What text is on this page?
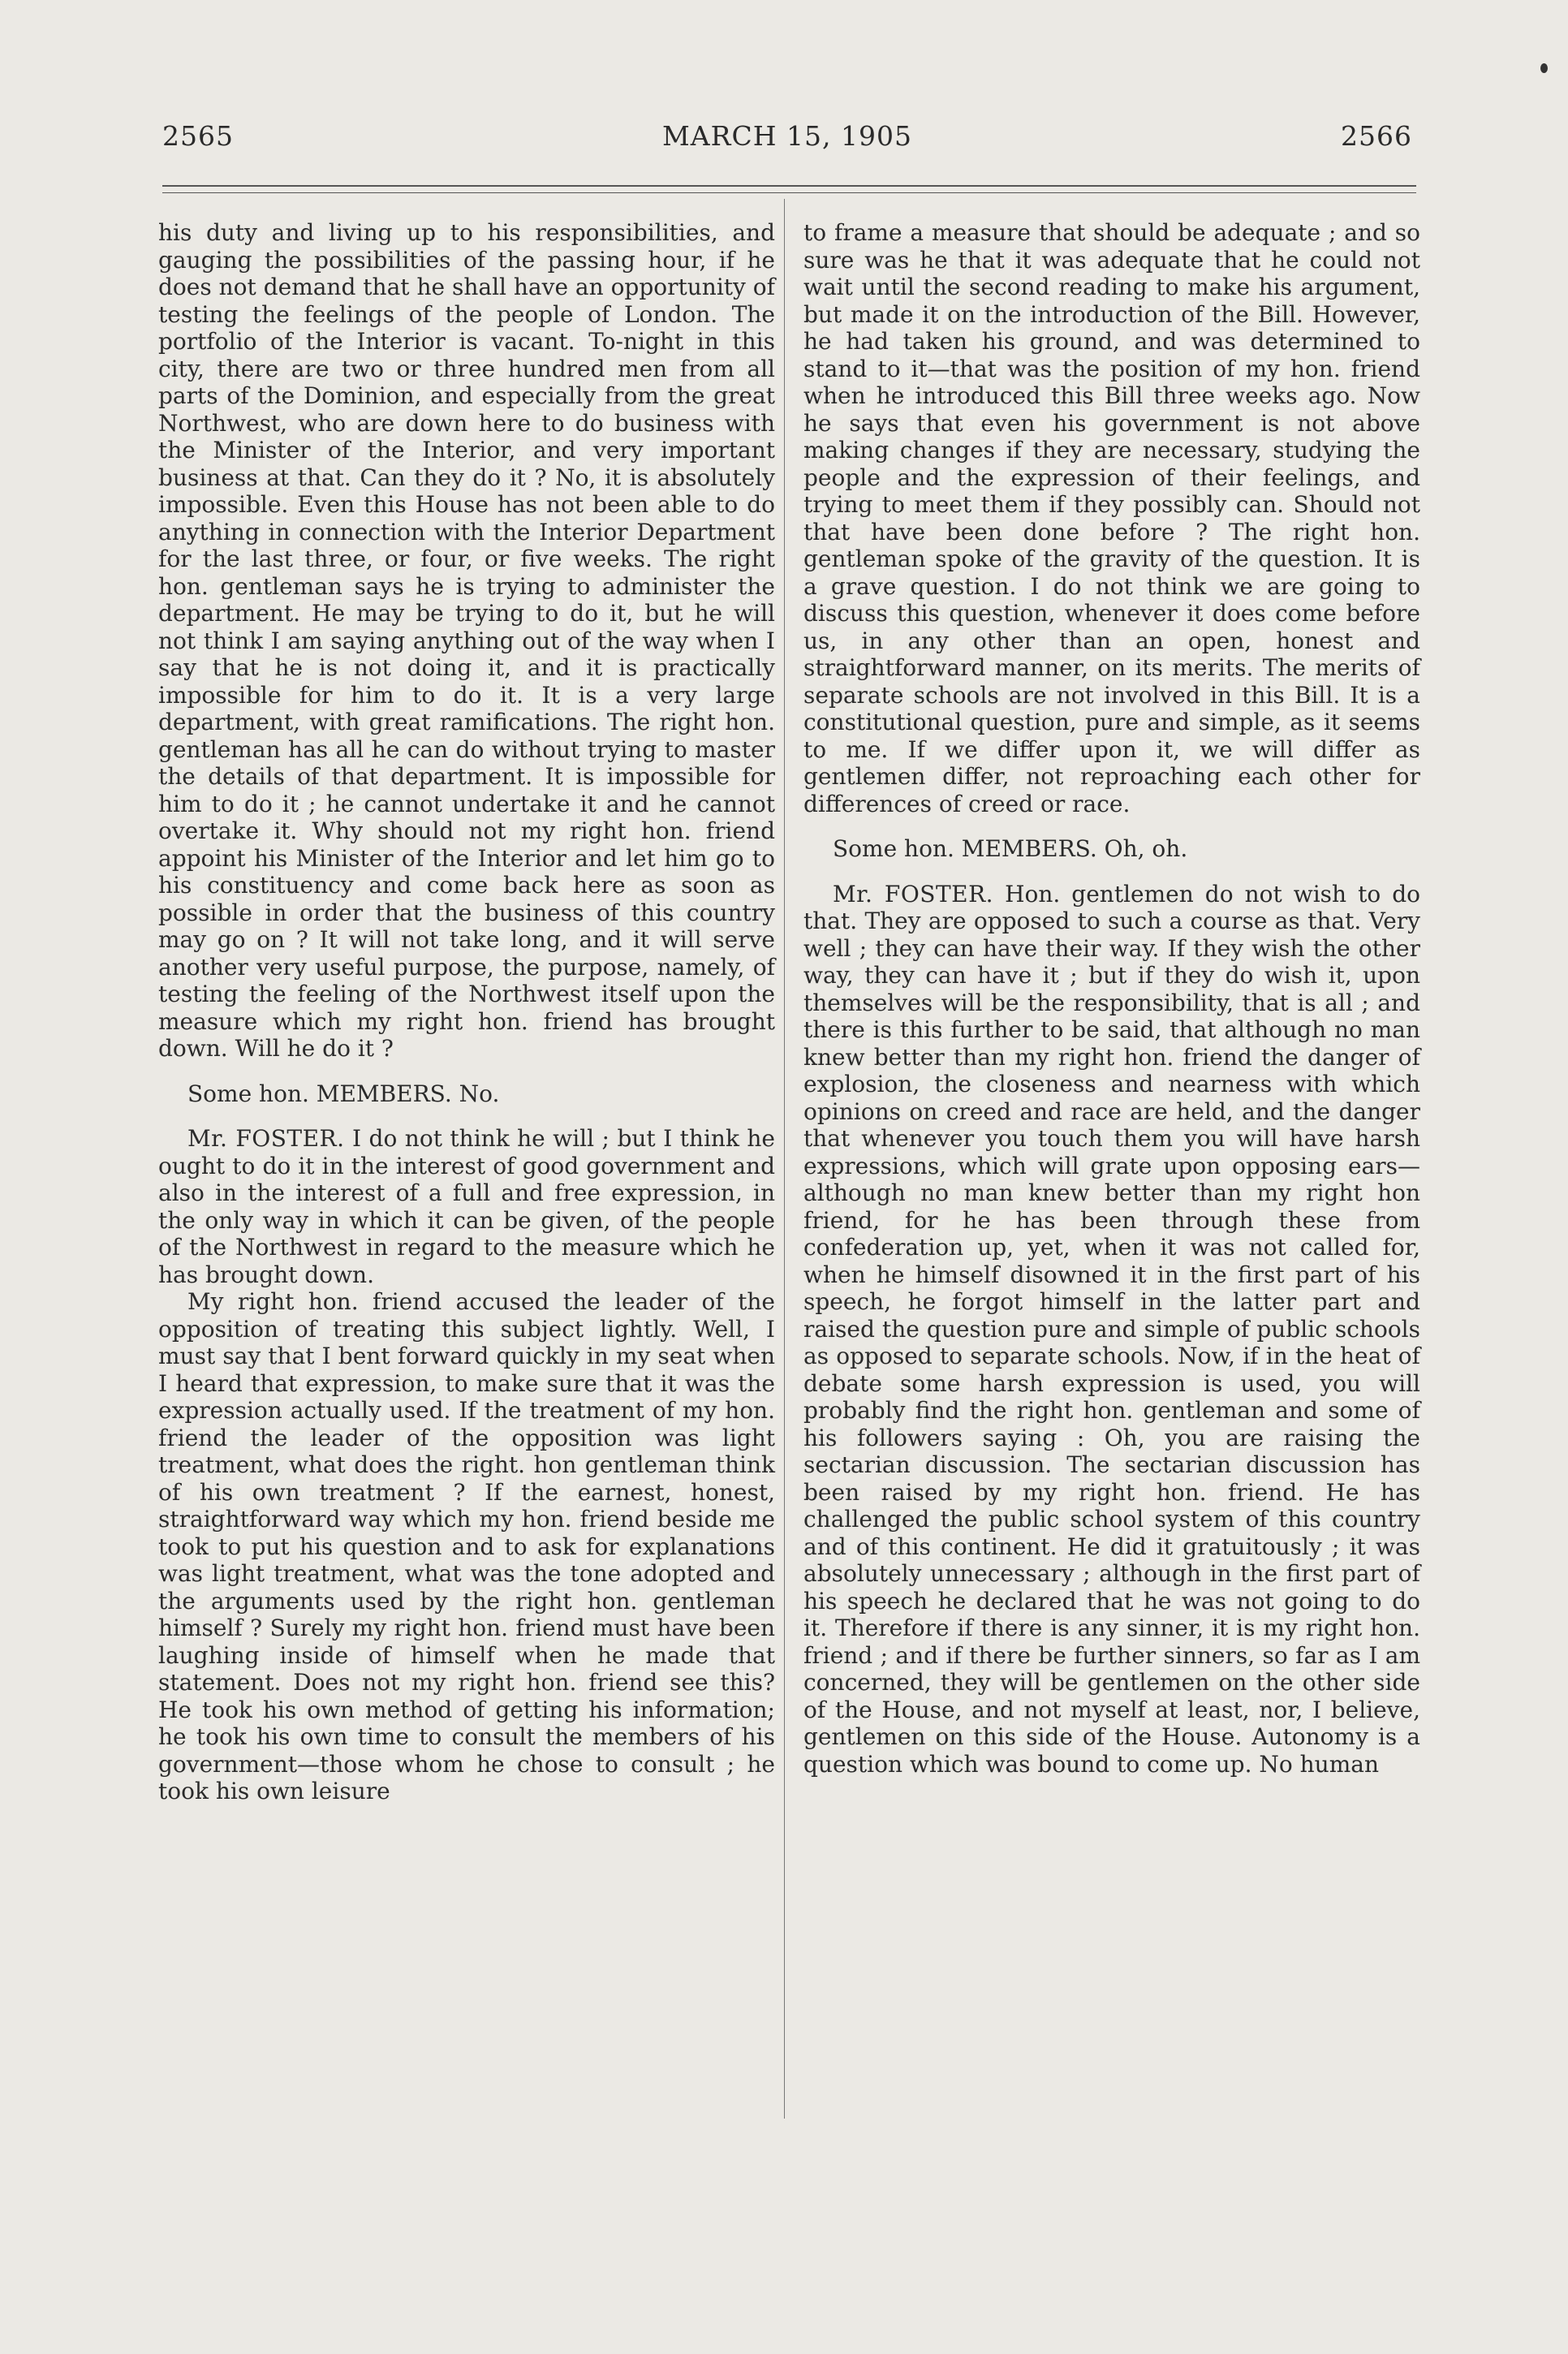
2565	MARCH 15, 1905	2566

his duty and living up to his responsibilities, and gauging the possibilities of the passing hour, if he does not demand that he shall have an opportunity of testing the feelings of the people of London. The portfolio of the Interior is vacant. To-night in this city, there are two or three hundred men from all parts of the Dominion, and especially from the great Northwest, who are down here to do business with the Minister of the Interior, and very important business at that. Can they do it ? No, it is absolutely impossible. Even this House has not been able to do anything in connection with the Interior Department for the last three, or four, or five weeks. The right hon. gentleman says he is trying to administer the department. He may be trying to do it, but he will not think I am saying anything out of the way when I say that he is not doing it, and it is practically impossible for him to do it. It is a very large department, with great ramifications. The right hon. gentleman has all he can do without trying to master the details of that department. It is impossible for him to do it ; he cannot undertake it and he cannot overtake it. Why should not my right hon. friend appoint his Minister of the Interior and let him go to his constituency and come back here as soon as possible in order that the business of this country may go on ? It will not take long, and it will serve another very useful purpose, the purpose, namely, of testing the feeling of the Northwest itself upon the measure which my right hon. friend has brought down. Will he do it ?

Some hon. MEMBERS. No.

Mr. FOSTER. I do not think he will ; but I think he ought to do it in the interest of good government and also in the interest of a full and free expression, in the only way in which it can be given, of the people of the Northwest in regard to the measure which he has brought down.

My right hon. friend accused the leader of the opposition of treating this subject lightly. Well, I must say that I bent forward quickly in my seat when I heard that expression, to make sure that it was the expression actually used. If the treatment of my hon. friend the leader of the opposition was light treatment, what does the right. hon gentleman think of his own treatment ? If the earnest, honest, straightforward way which my hon. friend beside me took to put his question and to ask for explanations was light treatment, what was the tone adopted and the arguments used by the right hon. gentleman himself ? Surely my right hon. friend must have been laughing inside of himself when he made that statement. Does not my right hon. friend see this? He took his own method of getting his information; he took his own time to consult the members of his government—those whom he chose to consult ; he took his own leisure

to frame a measure that should be adequate ; and so sure was he that it was adequate that he could not wait until the second reading to make his argument, but made it on the introduction of the Bill. However, he had taken his ground, and was determined to stand to it—that was the position of my hon. friend when he introduced this Bill three weeks ago. Now he says that even his government is not above making changes if they are necessary, studying the people and the expression of their feelings, and trying to meet them if they possibly can. Should not that have been done before ? The right hon. gentleman spoke of the gravity of the question. It is a grave question. I do not think we are going to discuss this question, whenever it does come before us, in any other than an open, honest and straightforward manner, on its merits. The merits of separate schools are not involved in this Bill. It is a constitutional question, pure and simple, as it seems to me. If we differ upon it, we will differ as gentlemen differ, not reproaching each other for differences of creed or race.

Some hon. MEMBERS. Oh, oh.

Mr. FOSTER. Hon. gentlemen do not wish to do that. They are opposed to such a course as that. Very well ; they can have their way. If they wish the other way, they can have it ; but if they do wish it, upon themselves will be the responsibility, that is all ; and there is this further to be said, that although no man knew better than my right hon. friend the danger of explosion, the closeness and nearness with which opinions on creed and race are held, and the danger that whenever you touch them you will have harsh expressions, which will grate upon opposing ears—although no man knew better than my right hon friend, for he has been through these from confederation up, yet, when it was not called for, when he himself disowned it in the first part of his speech, he forgot himself in the latter part and raised the question pure and simple of public schools as opposed to separate schools. Now, if in the heat of debate some harsh expression is used, you will probably find the right hon. gentleman and some of his followers saying : Oh, you are raising the sectarian discussion. The sectarian discussion has been raised by my right hon. friend. He has challenged the public school system of this country and of this continent. He did it gratuitously ; it was absolutely unnecessary ; although in the first part of his speech he declared that he was not going to do it. Therefore if there is any sinner, it is my right hon. friend ; and if there be further sinners, so far as I am concerned, they will be gentlemen on the other side of the House, and not myself at least, nor, I believe, gentlemen on this side of the House. Autonomy is a question which was bound to come up. No human
